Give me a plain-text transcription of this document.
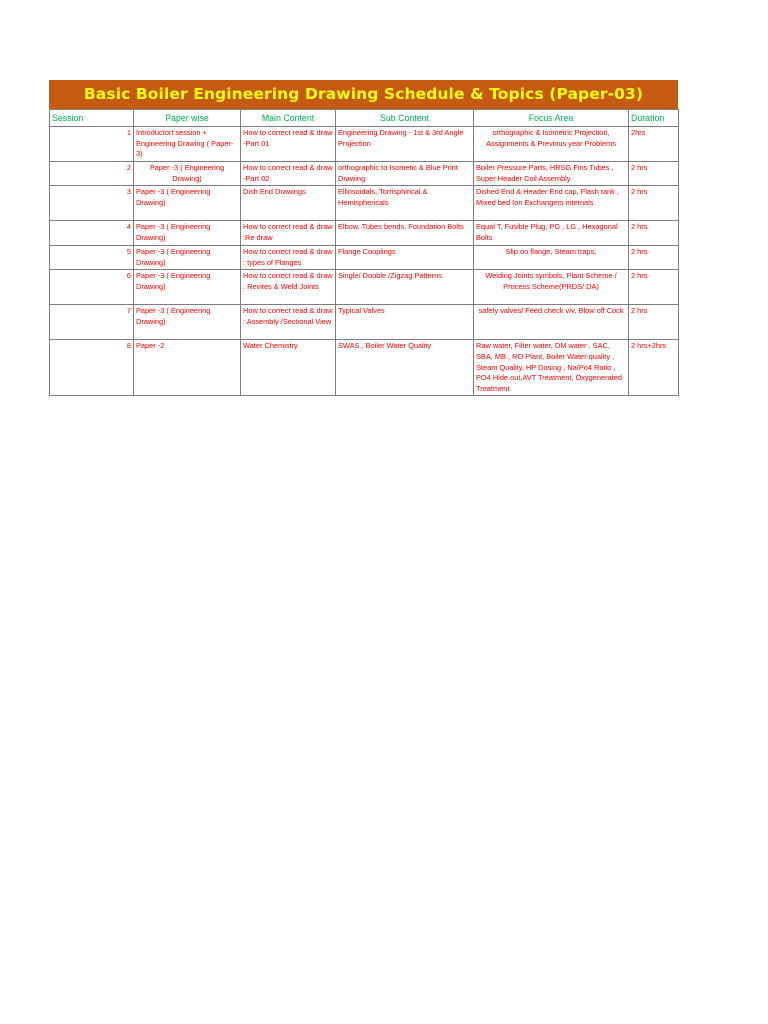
Basic Boiler Engineering Drawing Schedule & Topics (Paper-03)
Session	Paper wise	Main Content	Sub Content	Focus Area	Duration
1	Introductort session + Engineering Drawing ( Paper-3)	How to correct read & draw -Part 01	Engineering Drawing - 1st & 3rd Angle Projection	orthographic & Isometric Projection, Assignments & Previous year Problems	2hrs
2	Paper -3 ( Engineering Drawing)	How to correct read & draw -Part 02	orthographic to Isometic & Blue Print Drawing	Boiler Pressure Parts, HRSG Fins Tubes , Super Header Coil Assembly	2 hrs
3	Paper -3 ( Engineering Drawing)	Dish End Drawings	Elliosoidals, Torrisphirical & Hemisphericals	Dished End & Header End cap, Flash tank , Mixed bed Ion Exchangers internals	2 hrs
4	Paper -3 ( Engineering Drawing)	How to correct read & draw :Re draw	Elbow, Tubes bends, Foundation Bolts	Equal T, Fusible Plug, PG , LG , Hexagonal Bolts	2 hrs
5	Paper -3 ( Engineering Drawing)	How to correct read & draw : types of Flanges	Flange Couplings	Slip on flange, Steam traps,	2 hrs
6	Paper -3 ( Engineering Drawing)	How to correct read & draw : Revites & Weld Joints	Single/ Double /Zigzag Patterns	Welding Joints symbols, Plant Scheme / Process Scheme(PRDS/ DA)	2 hrs
7	Paper -3 ( Engineering Drawing)	How to correct read & draw : Assembly /Sectional View	Typical Valves	safety valves/ Feed check v/v, Blow off Cock	2 hrs
8	Paper -2	Water Chemistry	SWAS , Boiler Water Quality	Raw water, Filter water, DM water , SAC, SBA, MB , RO Plant, Boiler Water quality , Steam Quality, HP Dosing , Na/Po4 Ratio , PO4 Hide out,AVT Treatment, Oxygenerated Treatment	2 hrs+2hrs
